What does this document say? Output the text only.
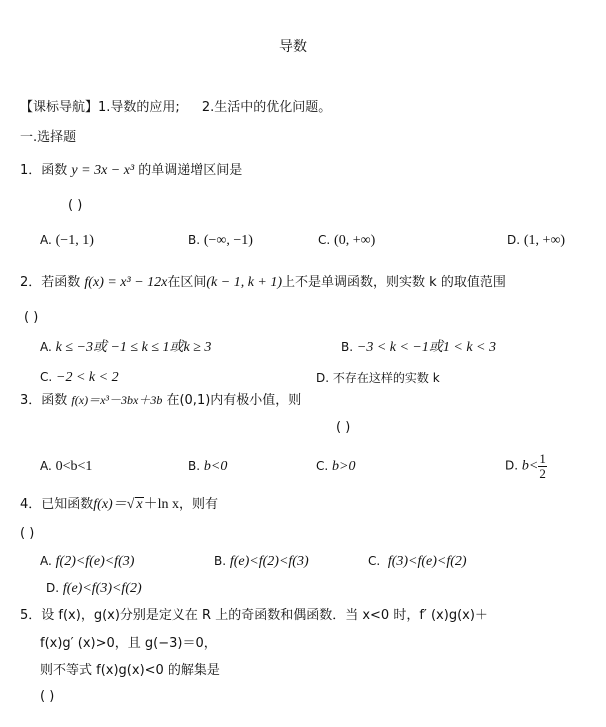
导数
【课标导航】1.导数的应用; 2.生活中的优化问题。
一.选择题
1．函数 y = 3x − x³ 的单调递增区间是
( )
A. (−1, 1)	B. (−∞, −1)	C. (0, +∞)	D. (1, +∞)
2．若函数 f(x) = x³ − 12x在区间(k − 1, k + 1)上不是单调函数，则实数 k 的取值范围
( )
A. k ≤ −3或 −1 ≤ k ≤ 1或k ≥ 3	B. −3 < k < −1或1 < k < 3
C. −2 < k < 2	D. 不存在这样的实数 k
3．函数 f(x)＝x³－3bx＋3b 在(0,1)内有极小值，则
( )
A. 0<b<1	B. b<0	C. b>0	D. $b< \frac{1}{2}$
4．已知函数f(x)＝√ x＋ln x，则有
( )
A. f(2)<f(e)<f(3)	B. f(e)<f(2)<f(3)	C. f(3)<f(e)<f(2)
D. f(e)<f(3)<f(2)
5．设 f(x)，g(x)分别是定义在 R 上的奇函数和偶函数．当 x<0 时，f′ (x)g(x)＋
f(x)g′ (x)>0，且 g(−3)＝0，
则不等式 f(x)g(x)<0 的解集是
( )
